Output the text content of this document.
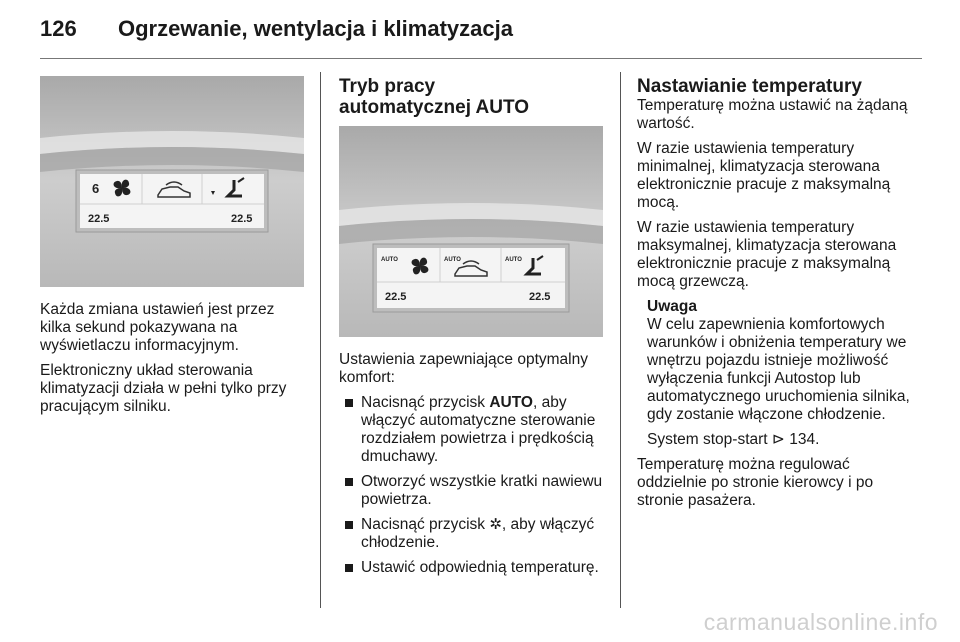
126 Ogrzewanie, wentylacja i klimatyzacja
6
22.5	22.5

Każda zmiana ustawień jest przez kilka sekund pokazywana na wyświetlaczu informacyjnym.

Elektroniczny układ sterowania klimatyzacji działa w pełni tylko przy pracującym silniku.

Tryb pracy automatycznej AUTO
AUTO	AUTO	AUTO
22.5	22.5

Ustawienia zapewniające optymalny komfort:

Nacisnąć przycisk AUTO, aby włączyć automatyczne sterowanie rozdziałem powietrza i prędkością dmuchawy.
Otworzyć wszystkie kratki nawiewu powietrza.
Nacisnąć przycisk ✲, aby włączyć chłodzenie.
Ustawić odpowiednią temperaturę.
Nastawianie temperatury

Temperaturę można ustawić na żądaną wartość.

W razie ustawienia temperatury minimalnej, klimatyzacja sterowana elektronicznie pracuje z maksymalną mocą.

W razie ustawienia temperatury maksymalnej, klimatyzacja sterowana elektronicznie pracuje z maksymalną mocą grzewczą.

Uwaga

W celu zapewnienia komfortowych warunków i obniżenia temperatury we wnętrzu pojazdu istnieje możliwość wyłączenia funkcji Autostop lub automatycznego uruchomienia silnika, gdy zostanie włączone chłodzenie.

System stop-start ⊳ 134.

Temperaturę można regulować oddzielnie po stronie kierowcy i po stronie pasażera.

carmanualsonline.info
